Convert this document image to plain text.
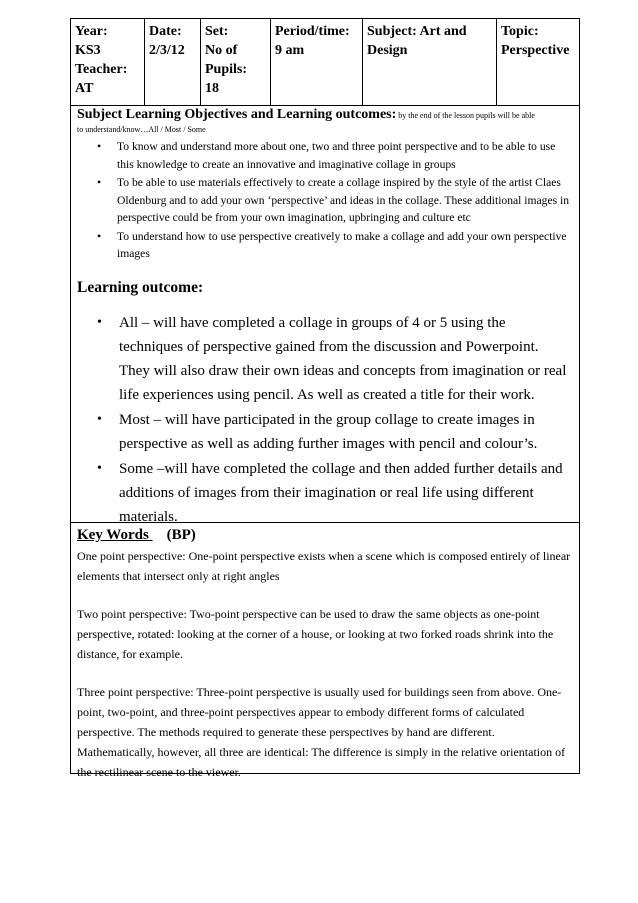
Year:
KS3
Teacher:
AT
Date:
2/3/12
Set:
No of
Pupils:
18
Period/time:
9 am
Subject: Art and
Design
Topic:
Perspective
Subject Learning Objectives and Learning outcomes: by the end of the lesson pupils will be able
to understand/know…All / Most / Some
• To know and understand more about one, two and three point perspective and to be able to use this knowledge to create an innovative and imaginative collage in groups
• To be able to use materials effectively to create a collage inspired by the style of the artist Claes Oldenburg and to add your own ‘perspective’ and ideas in the collage. These additional images in perspective could be from your own imagination, upbringing and culture etc
• To understand how to use perspective creatively to make a collage and add your own perspective images
Learning outcome:
• All – will have completed a collage in groups of 4 or 5 using the techniques of perspective gained from the discussion and Powerpoint. They will also draw their own ideas and concepts from imagination or real life experiences using pencil. As well as created a title for their work.
• Most – will have participated in the group collage to create images in perspective as well as adding further images with pencil and colour’s.
• Some –will have completed the collage and then added further details and additions of images from their imagination or real life using different materials.
Key Words (BP)

One point perspective: One-point perspective exists when a scene which is composed entirely of linear elements that intersect only at right angles

Two point perspective: Two-point perspective can be used to draw the same objects as one-point perspective, rotated: looking at the corner of a house, or looking at two forked roads shrink into the distance, for example.

Three point perspective: Three-point perspective is usually used for buildings seen from above. One-point, two-point, and three-point perspectives appear to embody different forms of calculated perspective. The methods required to generate these perspectives by hand are different. Mathematically, however, all three are identical: The difference is simply in the relative orientation of the rectilinear scene to the viewer.
